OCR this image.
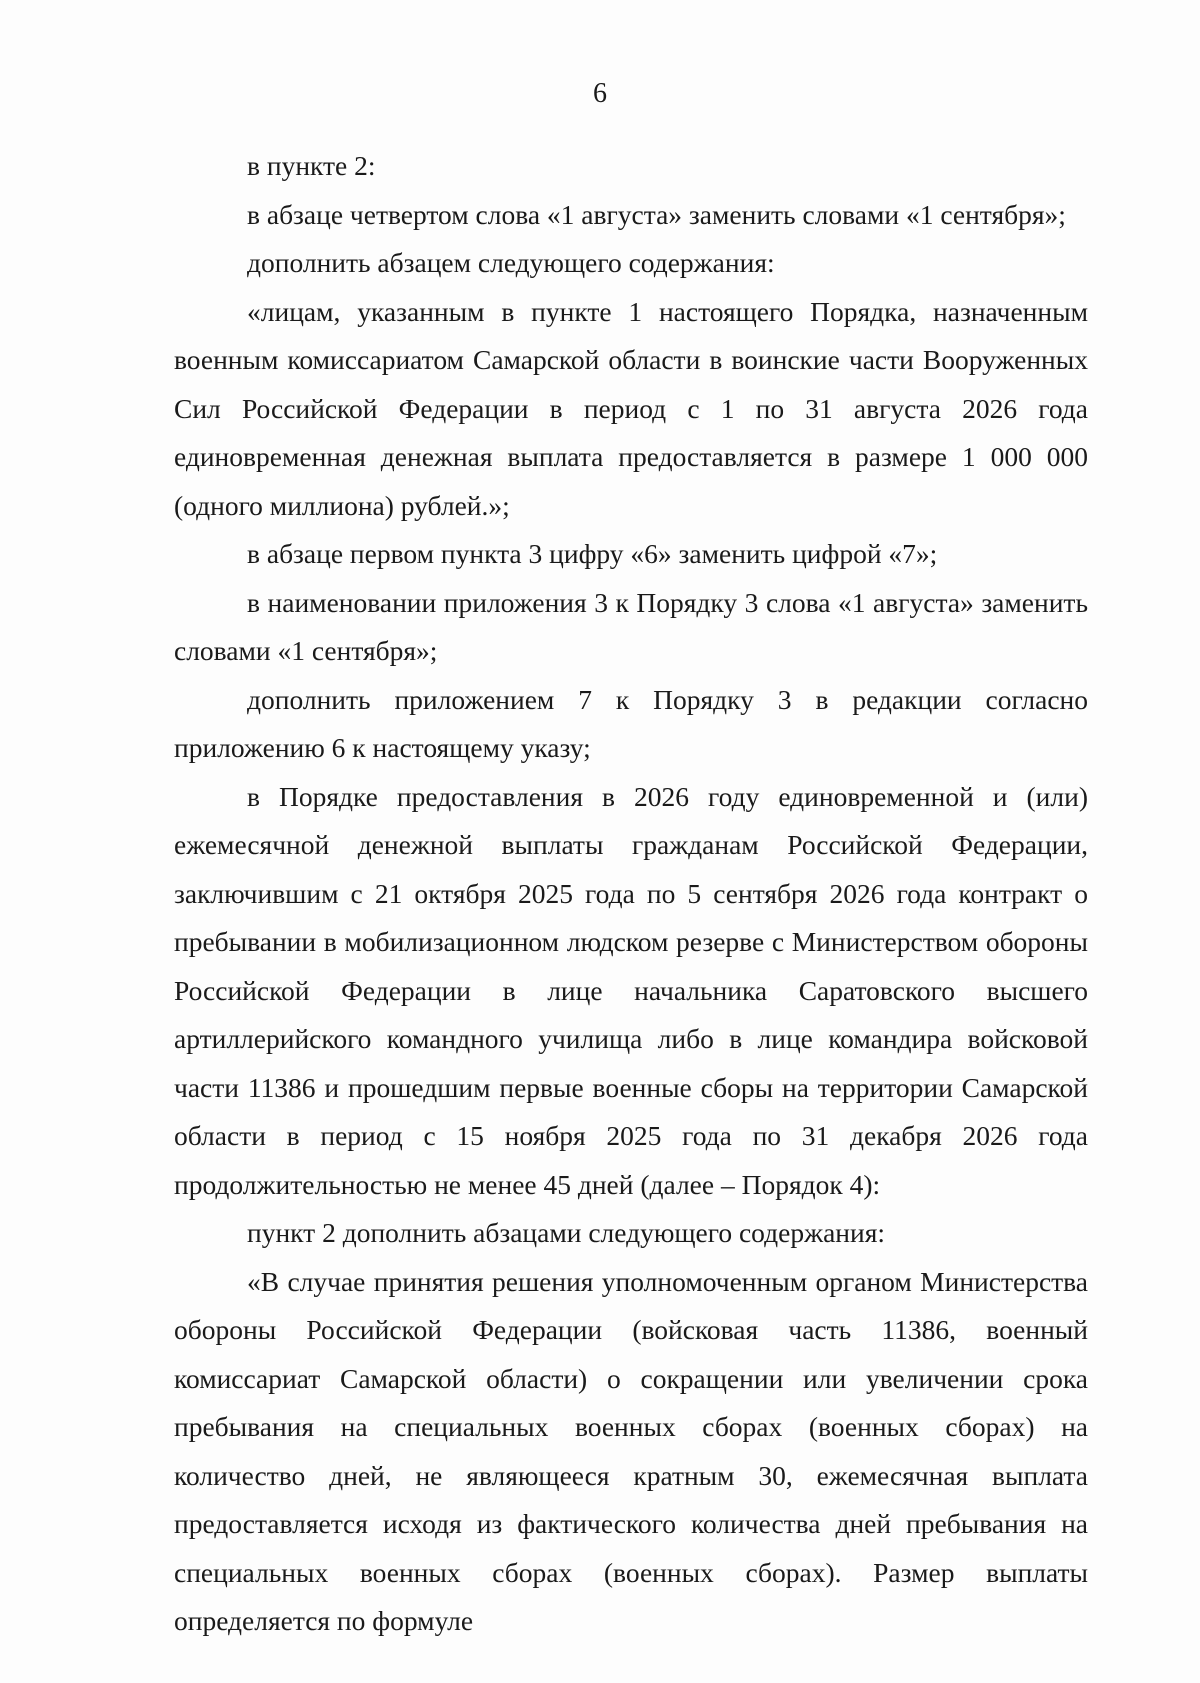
6

в пункте 2:

в абзаце четвертом слова «1 августа» заменить словами «1 сентября»;

дополнить абзацем следующего содержания:

«лицам, указанным в пункте 1 настоящего Порядка, назначенным военным комиссариатом Самарской области в воинские части Вооруженных Сил Российской Федерации в период с 1 по 31 августа 2026 года единовременная денежная выплата предоставляется в размере 1 000 000 (одного миллиона) рублей.»;

в абзаце первом пункта 3 цифру «6» заменить цифрой «7»;

в наименовании приложения 3 к Порядку 3 слова «1 августа» заменить словами «1 сентября»;

дополнить приложением 7 к Порядку 3 в редакции согласно приложению 6 к настоящему указу;

в Порядке предоставления в 2026 году единовременной и (или) ежемесячной денежной выплаты гражданам Российской Федерации, заключившим с 21 октября 2025 года по 5 сентября 2026 года контракт о пребывании в мобилизационном людском резерве с Министерством обороны Российской Федерации в лице начальника Саратовского высшего артиллерийского командного училища либо в лице командира войсковой части 11386 и прошедшим первые военные сборы на территории Самарской области в период с 15 ноября 2025 года по 31 декабря 2026 года продолжительностью не менее 45 дней (далее – Порядок 4):

пункт 2 дополнить абзацами следующего содержания:

«В случае принятия решения уполномоченным органом Министерства обороны Российской Федерации (войсковая часть 11386, военный комиссариат Самарской области) о сокращении или увеличении срока пребывания на специальных военных сборах (военных сборах) на количество дней, не являющееся кратным 30, ежемесячная выплата предоставляется исходя из фактического количества дней пребывания на специальных военных сборах (военных сборах). Размер выплаты определяется по формуле
